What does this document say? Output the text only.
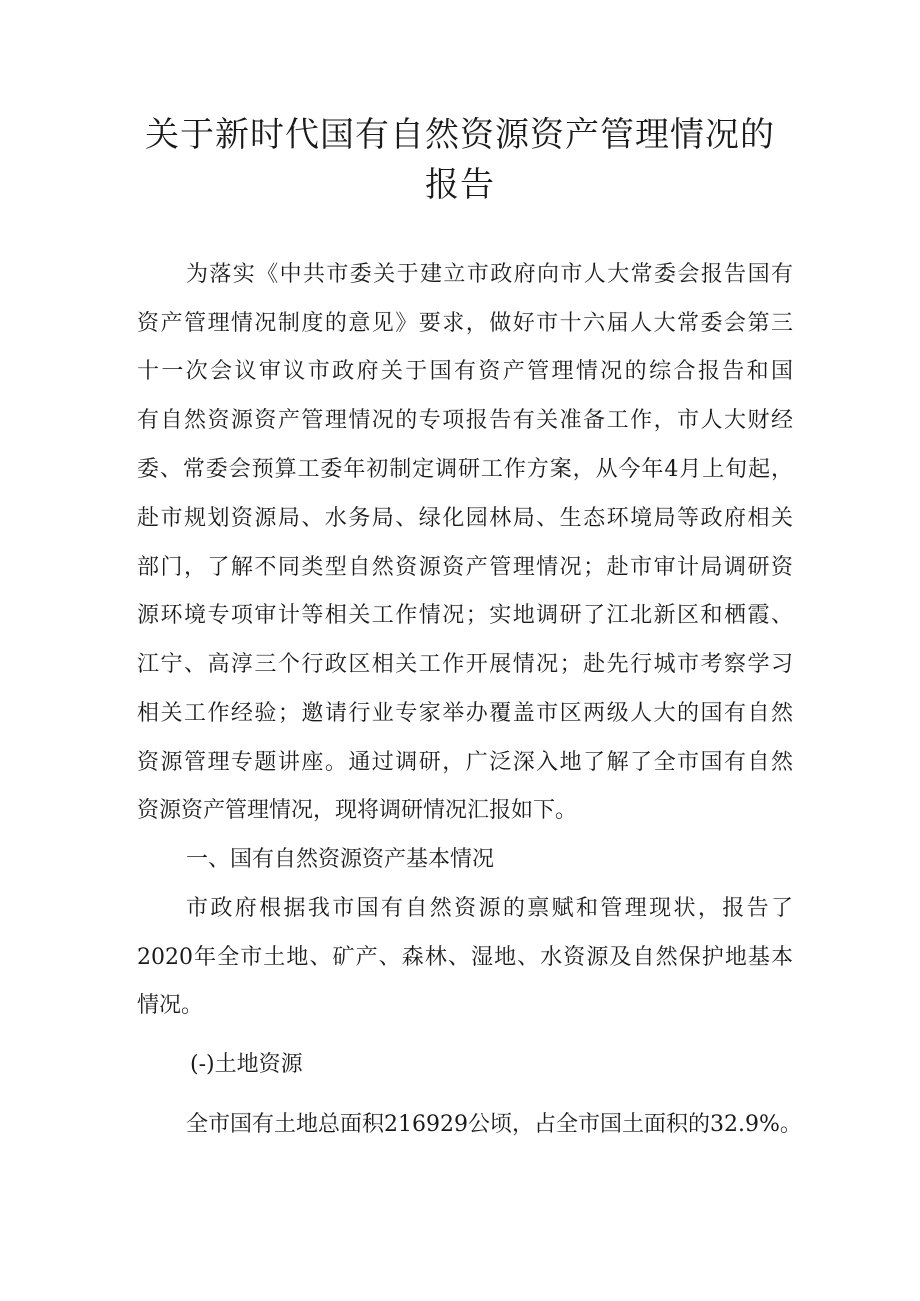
关于新时代国有自然资源资产管理情况的
报告

为落实《中共市委关于建立市政府向市人大常委会报告国有

资产管理情况制度的意见》要求，做好市十六届人大常委会第三

十一次会议审议市政府关于国有资产管理情况的综合报告和国

有自然资源资产管理情况的专项报告有关准备工作，市人大财经

委、常委会预算工委年初制定调研工作方案，从今年4月上旬起，

赴市规划资源局、水务局、绿化园林局、生态环境局等政府相关

部门，了解不同类型自然资源资产管理情况；赴市审计局调研资

源环境专项审计等相关工作情况；实地调研了江北新区和栖霞、

江宁、高淳三个行政区相关工作开展情况；赴先行城市考察学习

相关工作经验；邀请行业专家举办覆盖市区两级人大的国有自然

资源管理专题讲座。通过调研，广泛深入地了解了全市国有自然

资源资产管理情况，现将调研情况汇报如下。

一、国有自然资源资产基本情况

市政府根据我市国有自然资源的禀赋和管理现状，报告了

2020年全市土地、矿产、森林、湿地、水资源及自然保护地基本

情况。

(-)土地资源

全市国有土地总面积216929公顷，占全市国土面积的32.9%。
